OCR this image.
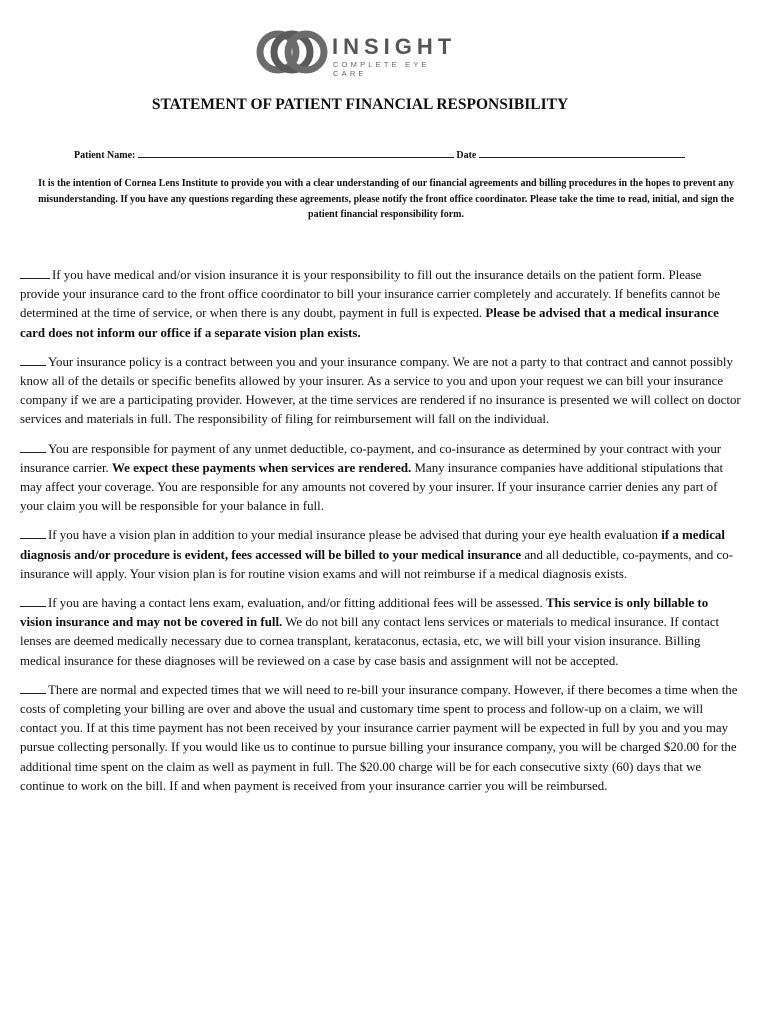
INSIGHT
COMPLETE EYE CARE
STATEMENT OF PATIENT FINANCIAL RESPONSIBILITY
Patient Name:	Date
It is the intention of Cornea Lens Institute to provide you with a clear understanding of our financial agreements and billing procedures in the hopes to prevent any misunderstanding. If you have any questions regarding these agreements, please notify the front office coordinator. Please take the time to read, initial, and sign the patient financial responsibility form.
If you have medical and/or vision insurance it is your responsibility to fill out the insurance details on the patient form. Please provide your insurance card to the front office coordinator to bill your insurance carrier completely and accurately. If benefits cannot be determined at the time of service, or when there is any doubt, payment in full is expected. Please be advised that a medical insurance card does not inform our office if a separate vision plan exists.
Your insurance policy is a contract between you and your insurance company. We are not a party to that contract and cannot possibly know all of the details or specific benefits allowed by your insurer. As a service to you and upon your request we can bill your insurance company if we are a participating provider. However, at the time services are rendered if no insurance is presented we will collect on doctor services and materials in full. The responsibility of filing for reimbursement will fall on the individual.
You are responsible for payment of any unmet deductible, co-payment, and co-insurance as determined by your contract with your insurance carrier. We expect these payments when services are rendered. Many insurance companies have additional stipulations that may affect your coverage. You are responsible for any amounts not covered by your insurer. If your insurance carrier denies any part of your claim you will be responsible for your balance in full.
If you have a vision plan in addition to your medial insurance please be advised that during your eye health evaluation if a medical diagnosis and/or procedure is evident, fees accessed will be billed to your medical insurance and all deductible, co-payments, and co-insurance will apply. Your vision plan is for routine vision exams and will not reimburse if a medical diagnosis exists.
If you are having a contact lens exam, evaluation, and/or fitting additional fees will be assessed. This service is only billable to vision insurance and may not be covered in full. We do not bill any contact lens services or materials to medical insurance. If contact lenses are deemed medically necessary due to cornea transplant, kerataconus, ectasia, etc, we will bill your vision insurance. Billing medical insurance for these diagnoses will be reviewed on a case by case basis and assignment will not be accepted.
There are normal and expected times that we will need to re-bill your insurance company. However, if there becomes a time when the costs of completing your billing are over and above the usual and customary time spent to process and follow-up on a claim, we will contact you. If at this time payment has not been received by your insurance carrier payment will be expected in full by you and you may pursue collecting personally. If you would like us to continue to pursue billing your insurance company, you will be charged $20.00 for the additional time spent on the claim as well as payment in full. The $20.00 charge will be for each consecutive sixty (60) days that we continue to work on the bill. If and when payment is received from your insurance carrier you will be reimbursed.
